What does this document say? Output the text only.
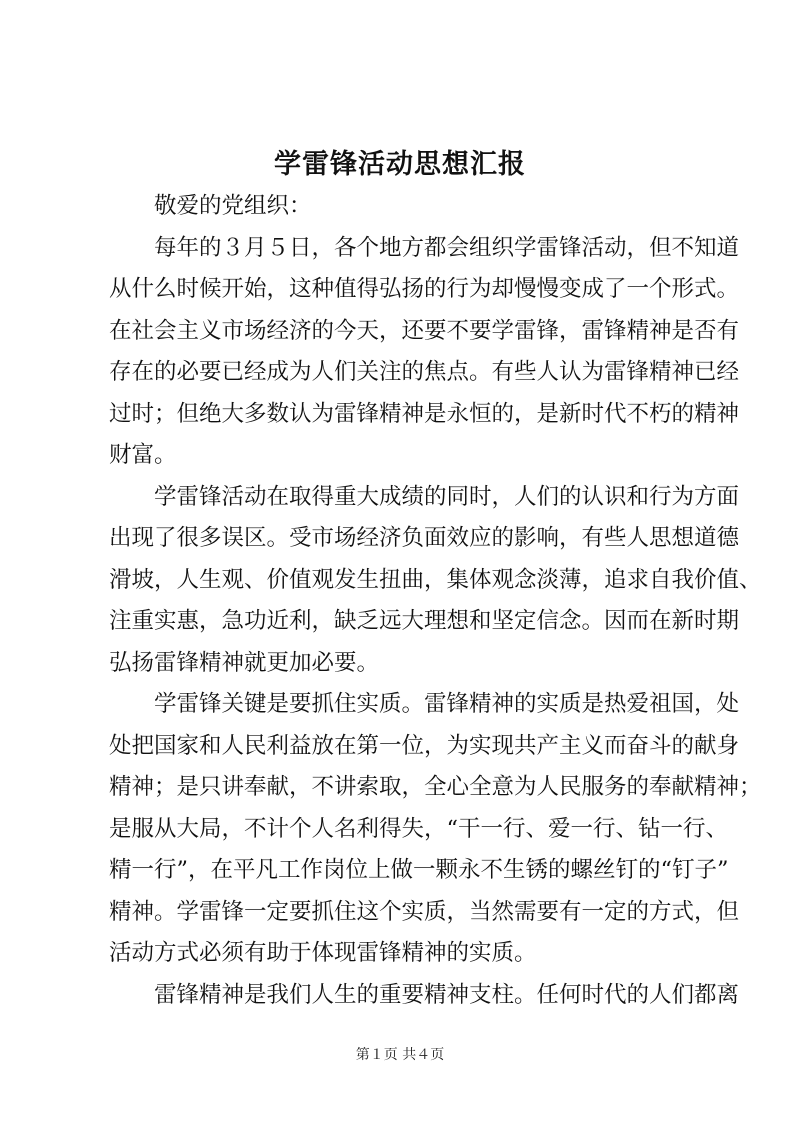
学雷锋活动思想汇报

敬爱的党组织：

每年的３月５日，各个地方都会组织学雷锋活动，但不知道
从什么时候开始，这种值得弘扬的行为却慢慢变成了一个形式。
在社会主义市场经济的今天，还要不要学雷锋，雷锋精神是否有
存在的必要已经成为人们关注的焦点。有些人认为雷锋精神已经
过时；但绝大多数认为雷锋精神是永恒的，是新时代不朽的精神
财富。

学雷锋活动在取得重大成绩的同时，人们的认识和行为方面
出现了很多误区。受市场经济负面效应的影响，有些人思想道德
滑坡，人生观、价值观发生扭曲，集体观念淡薄，追求自我价值、
注重实惠，急功近利，缺乏远大理想和坚定信念。因而在新时期
弘扬雷锋精神就更加必要。

学雷锋关键是要抓住实质。雷锋精神的实质是热爱祖国，处
处把国家和人民利益放在第一位，为实现共产主义而奋斗的献身
精神；是只讲奉献，不讲索取，全心全意为人民服务的奉献精神；
是服从大局，不计个人名利得失，“干一行、爱一行、钻一行、
精一行”，在平凡工作岗位上做一颗永不生锈的螺丝钉的“钉子”
精神。学雷锋一定要抓住这个实质，当然需要有一定的方式，但
活动方式必须有助于体现雷锋精神的实质。

雷锋精神是我们人生的重要精神支柱。任何时代的人们都离

第１页 共４页
